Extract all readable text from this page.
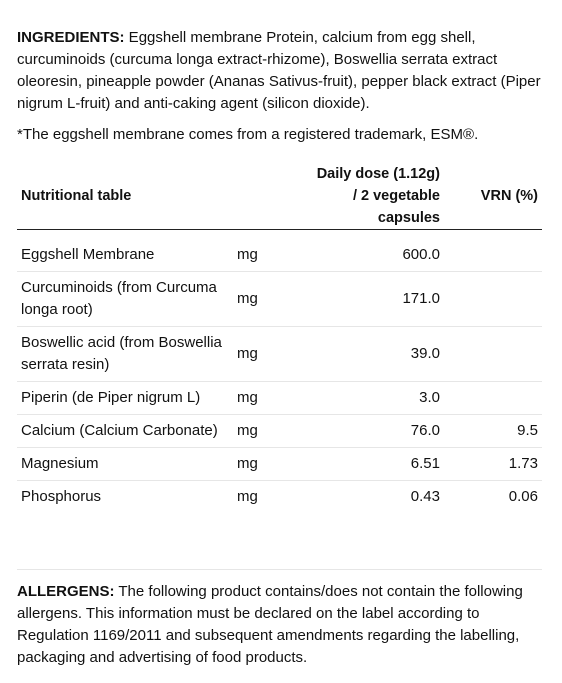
INGREDIENTS: Eggshell membrane Protein, calcium from egg shell, curcuminoids (curcuma longa extract-rhizome), Boswellia serrata extract oleoresin, pineapple powder (Ananas Sativus-fruit), pepper black extract (Piper nigrum L-fruit) and anti-caking agent (silicon dioxide).

*The eggshell membrane comes from a registered trademark, ESM®.

Nutritional table		Daily dose (1.12g)
/ 2 vegetable
capsules	VRN (%)
Eggshell Membrane	mg	600.0	
Curcuminoids (from Curcuma longa root)	mg	171.0	
Boswellic acid (from Boswellia serrata resin)	mg	39.0	
Piperin (de Piper nigrum L)	mg	3.0	
Calcium (Calcium Carbonate)	mg	76.0	9.5
Magnesium	mg	6.51	1.73
Phosphorus	mg	0.43	0.06

ALLERGENS: The following product contains/does not contain the following allergens. This information must be declared on the label according to Regulation 1169/2011 and subsequent amendments regarding the labelling, packaging and advertising of food products.
